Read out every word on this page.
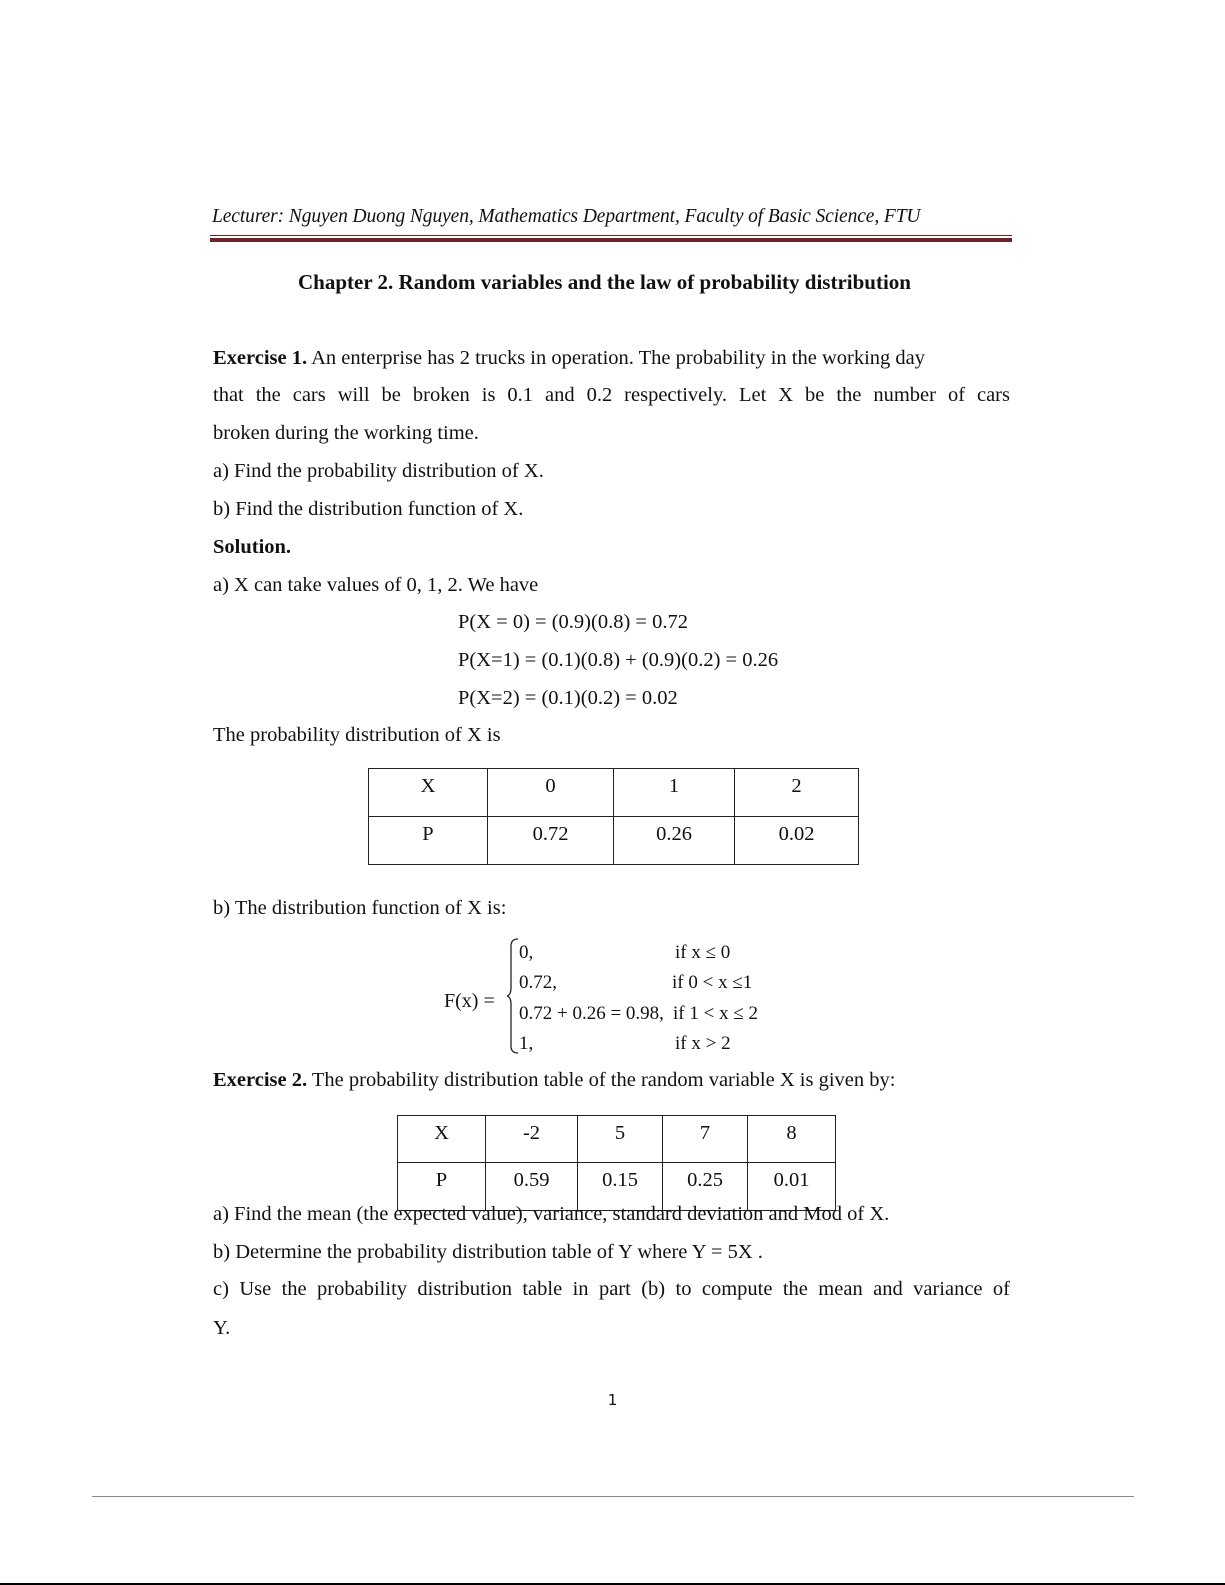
Lecturer: Nguyen Duong Nguyen, Mathematics Department, Faculty of Basic Science, FTU
Chapter 2. Random variables and the law of probability distribution
Exercise 1. An enterprise has 2 trucks in operation. The probability in the working day
that the cars will be broken is 0.1 and 0.2 respectively. Let X be the number of cars
broken during the working time.
a) Find the probability distribution of X.
b) Find the distribution function of X.
Solution.
a) X can take values of 0, 1, 2. We have
P(X = 0) = (0.9)(0.8) = 0.72
P(X=1) = (0.1)(0.8) + (0.9)(0.2) = 0.26
P(X=2) = (0.1)(0.2) = 0.02
The probability distribution of X is
X	0	1	2
P	0.72	0.26	0.02
b) The distribution function of X is:
F(x) =
0,	if x ≤ 0
0.72,	if 0 < x ≤1
0.72 + 0.26 = 0.98, if 1 < x ≤ 2
1,	if x > 2
Exercise 2. The probability distribution table of the random variable X is given by:
X	-2	5	7	8
P	0.59	0.15	0.25	0.01
a) Find the mean (the expected value), variance, standard deviation and Mod of X.
b) Determine the probability distribution table of Y where Y = 5X .
c) Use the probability distribution table in part (b) to compute the mean and variance of
Y.
1
